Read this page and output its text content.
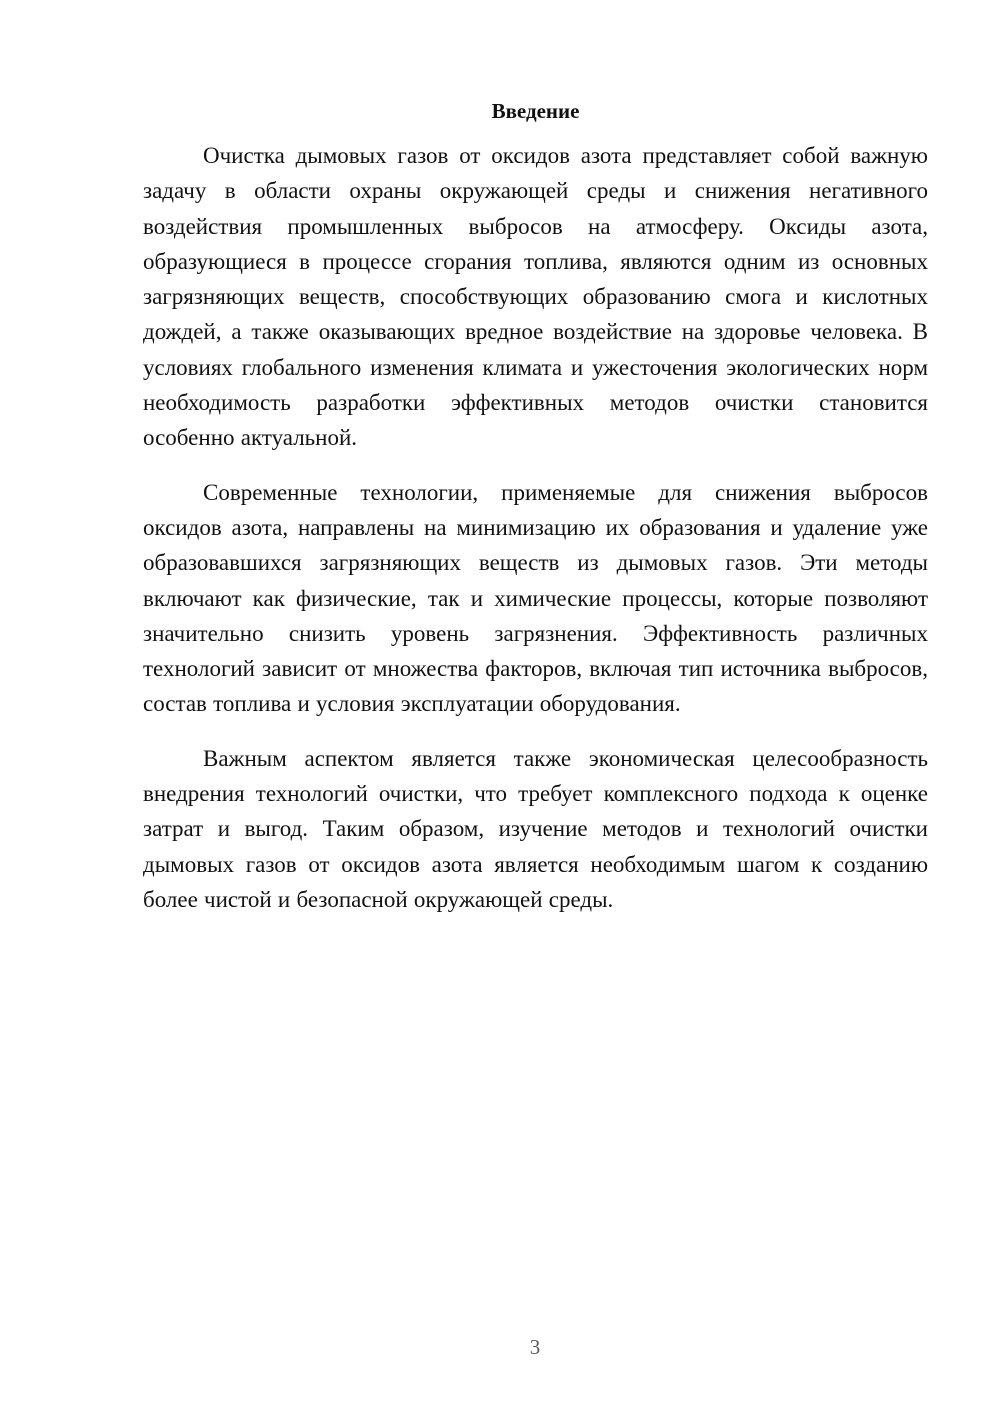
Введение

Очистка дымовых газов от оксидов азота представляет собой важную задачу в области охраны окружающей среды и снижения негативного воздействия промышленных выбросов на атмосферу. Оксиды азота, образующиеся в процессе сгорания топлива, являются одним из основных загрязняющих веществ, способствующих образованию смога и кислотных дождей, а также оказывающих вредное воздействие на здоровье человека. В условиях глобального изменения климата и ужесточения экологических норм необходимость разработки эффективных методов очистки становится особенно актуальной.

Современные технологии, применяемые для снижения выбросов оксидов азота, направлены на минимизацию их образования и удаление уже образовавшихся загрязняющих веществ из дымовых газов. Эти методы включают как физические, так и химические процессы, которые позволяют значительно снизить уровень загрязнения. Эффективность различных технологий зависит от множества факторов, включая тип источника выбросов, состав топлива и условия эксплуатации оборудования.

Важным аспектом является также экономическая целесообразность внедрения технологий очистки, что требует комплексного подхода к оценке затрат и выгод. Таким образом, изучение методов и технологий очистки дымовых газов от оксидов азота является необходимым шагом к созданию более чистой и безопасной окружающей среды.

3
